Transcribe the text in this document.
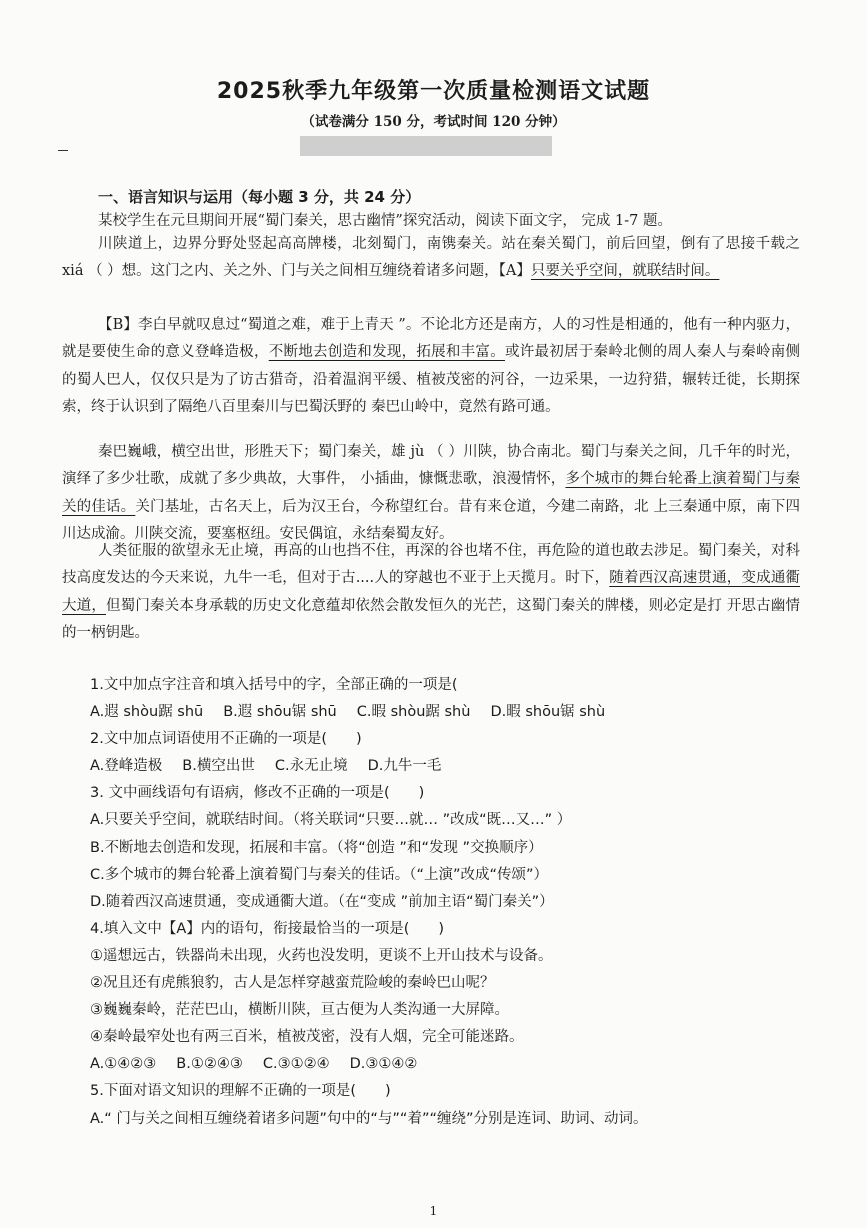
2025秋季九年级第一次质量检测语文试题
（试卷满分 150 分，考试时间 120 分钟）
一、语言知识与运用（每小题 3 分，共 24 分）
某校学生在元旦期间开展“蜀门秦关，思古幽情”探究活动，阅读下面文字， 完成 1-7 题。
川陕道上，边界分野处竖起高高牌楼，北刻蜀门，南镌秦关。站在秦关蜀门，前后回望，倒有了思接千载之 xiá （ ）想。这门之内、关之外、门与关之间相互缠绕着诸多问题，【A】只要关乎空间，就联结时间。
【B】李白早就叹息过“蜀道之难，难于上青天 ”。不论北方还是南方，人的习性是相通的，他有一种内驱力，就是要使生命的意义登峰造极，不断地去创造和发现，拓展和丰富。或许最初居于秦岭北侧的周人秦人与秦岭南侧的蜀人巴人，仅仅只是为了访古猎奇，沿着温润平缓、植被茂密的河谷，一边采果，一边狩猎，辗转迁徙，长期探索，终于认识到了隔绝八百里秦川与巴蜀沃野的 秦巴山岭中，竟然有路可通。
秦巴巍峨，横空出世，形胜天下；蜀门秦关，雄 jù （ ）川陕，协合南北。蜀门与秦关之间，几千年的时光，演绎了多少壮歌，成就了多少典故，大事件， 小插曲，慷慨悲歌，浪漫情怀，多个城市的舞台轮番上演着蜀门与秦关的佳话。关门基址，古名天上，后为汉王台，今称望红台。昔有来仓道，今建二南路，北 上三秦通中原，南下四川达成渝。川陕交流，要塞枢纽。安民偶谊，永结秦蜀友好。
人类征服的欲望永无止境，再高的山也挡不住，再深的谷也堵不住，再危险的道也敢去涉足。蜀门秦关，对科技高度发达的今天来说，九牛一毛，但对于古....人的穿越也不亚于上天揽月。时下，随着西汉高速贯通，变成通衢大道，但蜀门秦关本身承载的历史文化意蕴却依然会散发恒久的光芒，这蜀门秦关的牌楼，则必定是打 开思古幽情的一柄钥匙。
1.文中加点字注音和填入括号中的字，全部正确的一项是(
A.遐 shòu踞 shū B.遐 shōu锯 shū C.暇 shòu踞 shù D.暇 shōu锯 shù
2.文中加点词语使用不正确的一项是(　　)
A.登峰造极 B.横空出世 C.永无止境 D.九牛一毛
3. 文中画线语句有语病，修改不正确的一项是(　　)
A.只要关乎空间，就联结时间。（将关联词“只要…就… ”改成“既…又…” ）
B.不断地去创造和发现，拓展和丰富。（将“创造 ”和“发现 ”交换顺序）
C.多个城市的舞台轮番上演着蜀门与秦关的佳话。（“上演”改成“传颂”）
D.随着西汉高速贯通，变成通衢大道。（在“变成 ”前加主语“蜀门秦关”）
4.填入文中【A】内的语句，衔接最恰当的一项是(　　)
①遥想远古，铁器尚未出现，火药也没发明，更谈不上开山技术与设备。
②况且还有虎熊狼豹，古人是怎样穿越蛮荒险峻的秦岭巴山呢？
③巍巍秦岭，茫茫巴山，横断川陕，亘古便为人类沟通一大屏障。
④秦岭最窄处也有两三百米，植被茂密，没有人烟，完全可能迷路。
A.①④②③ B.①②④③ C.③①②④ D.③①④②
5.下面对语文知识的理解不正确的一项是(　　)
A.“ 门与关之间相互缠绕着诸多问题”句中的“与”“着”“缠绕”分别是连词、助词、动词。
1
